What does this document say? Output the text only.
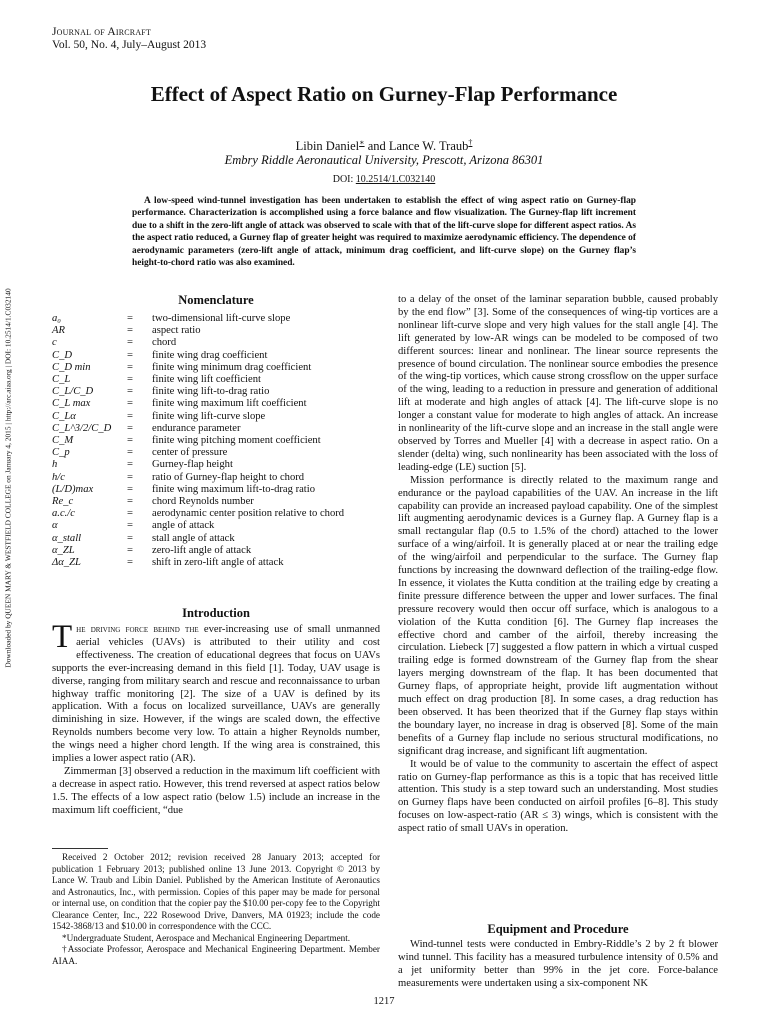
Journal of Aircraft
Vol. 50, No. 4, July–August 2013
Effect of Aspect Ratio on Gurney-Flap Performance
Libin Daniel∗ and Lance W. Traub†
Embry Riddle Aeronautical University, Prescott, Arizona 86301
DOI: 10.2514/1.C032140
A low-speed wind-tunnel investigation has been undertaken to establish the effect of wing aspect ratio on Gurney-flap performance. Characterization is accomplished using a force balance and flow visualization. The Gurney-flap lift increment due to a shift in the zero-lift angle of attack was observed to scale with that of the lift-curve slope for different aspect ratios. As the aspect ratio reduced, a Gurney flap of greater height was required to maximize aerodynamic efficiency. The dependence of aerodynamic parameters (zero-lift angle of attack, minimum drag coefficient, and lift-curve slope) on the Gurney flap’s height-to-chord ratio was also examined.
Downloaded by QUEEN MARY & WESTFIELD COLLEGE on January 4, 2015 | http://arc.aiaa.org | DOI: 10.2514/1.C032140	Nomenclature
a₀	=	two-dimensional lift-curve slope
AR	=	aspect ratio
c	=	chord
C_D	=	finite wing drag coefficient
C_D min	=	finite wing minimum drag coefficient
C_L	=	finite wing lift coefficient
C_L/C_D	=	finite wing lift-to-drag ratio
C_L max	=	finite wing maximum lift coefficient
C_Lα	=	finite wing lift-curve slope
C_L^3/2/C_D	=	endurance parameter
C_M	=	finite wing pitching moment coefficient
C_p	=	center of pressure
h	=	Gurney-flap height
h/c	=	ratio of Gurney-flap height to chord
(L/D)max	=	finite wing maximum lift-to-drag ratio
Re_c	=	chord Reynolds number
a.c./c	=	aerodynamic center position relative to chord
α	=	angle of attack
α_stall	=	stall angle of attack
α_ZL	=	zero-lift angle of attack
Δα_ZL	=	shift in zero-lift angle of attack
Introduction

The driving force behind the ever-increasing use of small unmanned aerial vehicles (UAVs) is attributed to their utility and cost effectiveness. The creation of educational degrees that focus on UAVs supports the ever-increasing demand in this field [1]. Today, UAV usage is diverse, ranging from military search and rescue and reconnaissance to urban highway traffic monitoring [2]. The size of a UAV is defined by its application. With a focus on localized surveillance, UAVs are generally diminishing in size. However, if the wings are scaled down, the effective Reynolds numbers become very low. To attain a higher Reynolds number, the wings need a higher chord length. If the wing area is constrained, this implies a lower aspect ratio (AR).

Zimmerman [3] observed a reduction in the maximum lift coefficient with a decrease in aspect ratio. However, this trend reversed at aspect ratios below 1.5. The effects of a low aspect ratio (below 1.5) include an increase in the maximum lift coefficient, “due

Received 2 October 2012; revision received 28 January 2013; accepted for publication 1 February 2013; published online 13 June 2013. Copyright © 2013 by Lance W. Traub and Libin Daniel. Published by the American Institute of Aeronautics and Astronautics, Inc., with permission. Copies of this paper may be made for personal or internal use, on condition that the copier pay the $10.00 per-copy fee to the Copyright Clearance Center, Inc., 222 Rosewood Drive, Danvers, MA 01923; include the code 1542-3868/13 and $10.00 in correspondence with the CCC.

*Undergraduate Student, Aerospace and Mechanical Engineering Department.

†Associate Professor, Aerospace and Mechanical Engineering Department. Member AIAA.

to a delay of the onset of the laminar separation bubble, caused probably by the end flow” [3]. Some of the consequences of wing-tip vortices are a nonlinear lift-curve slope and very high values for the stall angle [4]. The lift generated by low-AR wings can be modeled to be composed of two different sources: linear and nonlinear. The linear source represents the presence of bound circulation. The nonlinear source embodies the presence of the wing-tip vortices, which cause strong crossflow on the upper surface of the wing, leading to a reduction in pressure and generation of additional lift at moderate and high angles of attack [4]. The lift-curve slope is no longer a constant value for moderate to high angles of attack. An increase in nonlinearity of the lift-curve slope and an increase in the stall angle were observed by Torres and Mueller [4] with a decrease in aspect ratio. On a slender (delta) wing, such nonlinearity has been associated with the loss of leading-edge (LE) suction [5].

Mission performance is directly related to the maximum range and endurance or the payload capabilities of the UAV. An increase in the lift capability can provide an increased payload capability. One of the simplest lift augmenting aerodynamic devices is a Gurney flap. A Gurney flap is a small rectangular flap (0.5 to 1.5% of the chord) attached to the lower surface of a wing/airfoil. It is generally placed at or near the trailing edge of the wing/airfoil and perpendicular to the surface. The Gurney flap functions by increasing the downward deflection of the trailing-edge flow. In essence, it violates the Kutta condition at the trailing edge by creating a finite pressure difference between the upper and lower surfaces. The final pressure recovery would then occur off surface, which is analogous to a violation of the Kutta condition [6]. The Gurney flap increases the effective chord and camber of the airfoil, thereby increasing the circulation. Liebeck [7] suggested a flow pattern in which a virtual cusped trailing edge is formed downstream of the Gurney flap from the shear layers merging downstream of the flap. It has been documented that Gurney flaps, of appropriate height, provide lift augmentation without much effect on drag production [8]. In some cases, a drag reduction has been observed. It has been theorized that if the Gurney flap stays within the boundary layer, no increase in drag is observed [8]. Some of the main benefits of a Gurney flap include no serious structural modifications, no significant drag increase, and significant lift augmentation.

It would be of value to the community to ascertain the effect of aspect ratio on Gurney-flap performance as this is a topic that has received little attention. This study is a step toward such an understanding. Most studies on Gurney flaps have been conducted on airfoil profiles [6–8]. This study focuses on low-aspect-ratio (AR ≤ 3) wings, which is consistent with the aspect ratio of small UAVs in operation.

Equipment and Procedure
Wind-tunnel tests were conducted in Embry-Riddle’s 2 by 2 ft blower wind tunnel. This facility has a measured turbulence intensity of 0.5% and a jet uniformity better than 99% in the jet core. Force-balance measurements were undertaken using a six-component NK
1217
